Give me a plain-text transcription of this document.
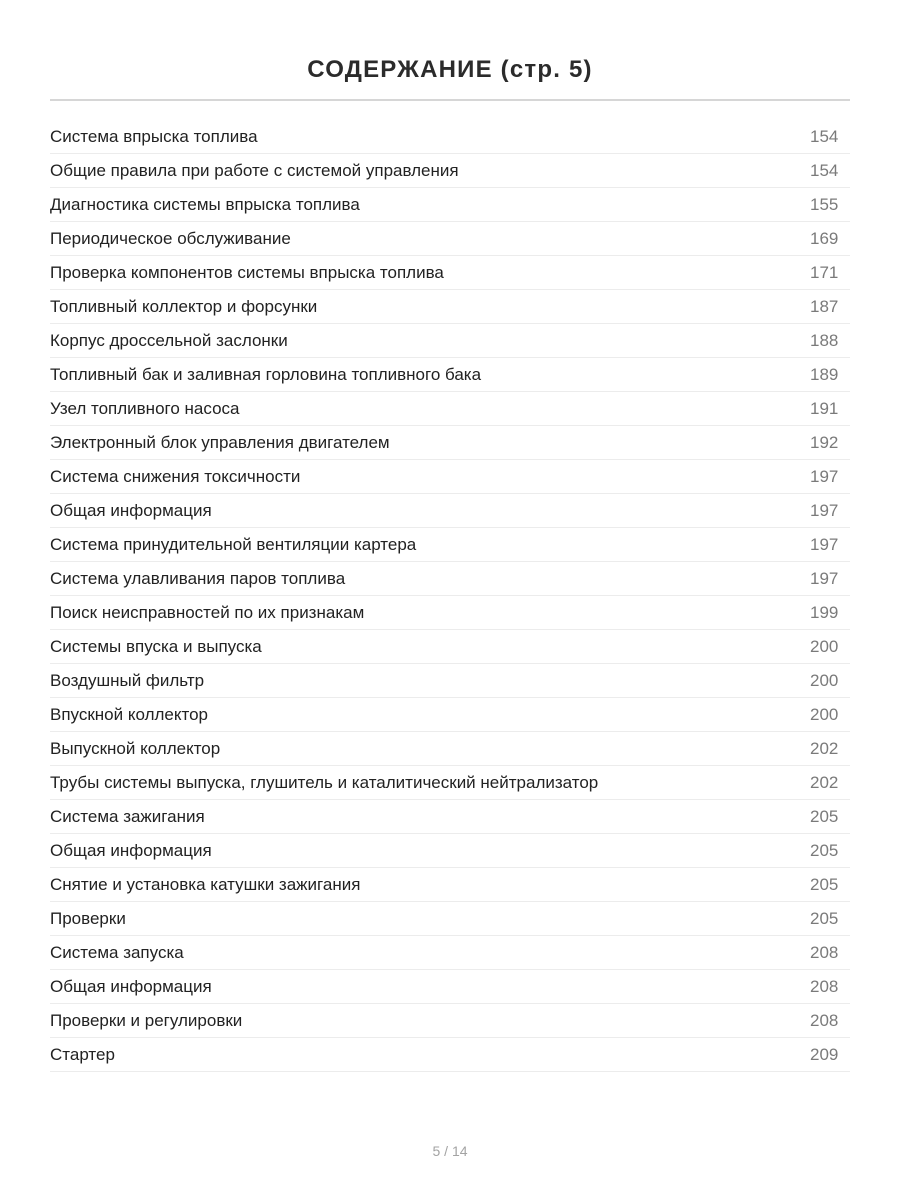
СОДЕРЖАНИЕ (стр. 5)
Система впрыска топлива	154
Общие правила при работе с системой управления	154
Диагностика системы впрыска топлива	155
Периодическое обслуживание	169
Проверка компонентов системы впрыска топлива	171
Топливный коллектор и форсунки	187
Корпус дроссельной заслонки	188
Топливный бак и заливная горловина топливного бака	189
Узел топливного насоса	191
Электронный блок управления двигателем	192
Система снижения токсичности	197
Общая информация	197
Система принудительной вентиляции картера	197
Система улавливания паров топлива	197
Поиск неисправностей по их признакам	199
Системы впуска и выпуска	200
Воздушный фильтр	200
Впускной коллектор	200
Выпускной коллектор	202
Трубы системы выпуска, глушитель и каталитический нейтрализатор	202
Система зажигания	205
Общая информация	205
Снятие и установка катушки зажигания	205
Проверки	205
Система запуска	208
Общая информация	208
Проверки и регулировки	208
Стартер	209
5 / 14
